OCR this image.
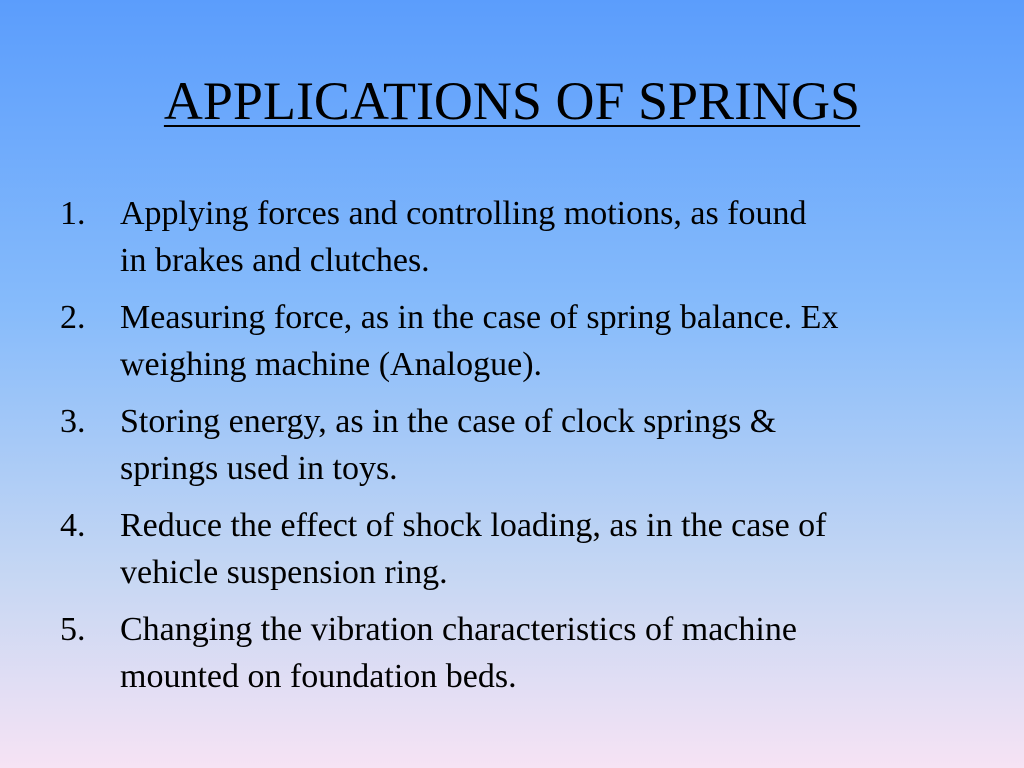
APPLICATIONS OF SPRINGS
1.	Applying forces and controlling motions, as found
in brakes and clutches.
2.	Measuring force, as in the case of spring balance. Ex
weighing machine (Analogue).
3.	Storing energy, as in the case of clock springs &
springs used in toys.
4.	Reduce the effect of shock loading, as in the case of
vehicle suspension ring.
5.	Changing the vibration characteristics of machine
mounted on foundation beds.
